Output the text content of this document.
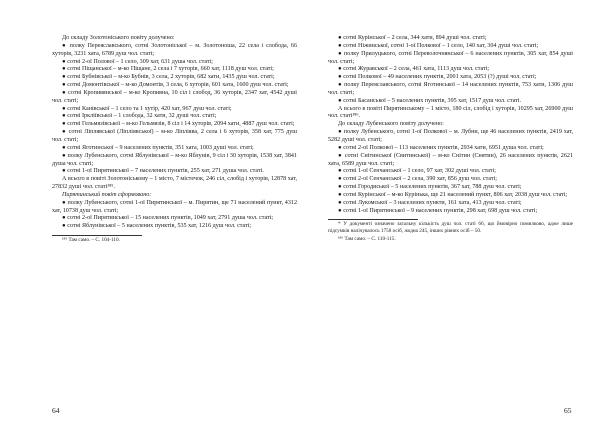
До складу Золотоніського повіту долучено:

● полку Переяславського, сотні Золотоніської – м. Золотоноша, 22 села і слобода, 66 хуторів, 3231 хата, 6789 душ чол. статі;

● сотні 2-ої Полової – 1 село, 309 хат, 631 душа чол. статі;

● сотні Піщанської – м-ко Піщане, 2 села і 7 хуторів, 660 хат, 1118 душ чол. статі;

● сотні Бубнівської – м-ко Бубнів, 3 села, 2 хуторів, 682 хати, 1435 душ чол. статі;

● сотні Домонтівської – м-ко Домонтів, 3 села, 6 хуторів, 601 хата, 1600 душ чол. статі;

● сотні Кропивянської – м-ко Кропивна, 10 сіл і слобод, 36 хуторів, 2347 хат, 4542 душі чол. статі;

● сотні Канівської – 1 село та 1 хутір, 420 хат, 967 душ чол. статі;

● сотні Іркліївської – 1 слобода, 32 хати, 32 душі чол. статі;

● сотні Гельмязівської – м-ко Гельмязів, 8 сіл і 14 хуторів, 2094 хати, 4887 душ чол. статі;

● сотні Ліплявської (Ліпліявської) – м-ко Ліпліява, 2 села і 6 хуторів, 358 хат, 775 душ чол. статі;

● сотні Яготинської – 9 населених пунктів, 351 хата, 1003 душі чол. статі;

● полку Лубенського, сотні Яблунівської – м-ко Яблунів, 9 сіл і 30 хуторів, 1538 хат, 3841 душа чол. статі;

● сотні 1-ої Пирятинської – 7 населених пунктів, 255 хат, 271 душа чол. статі.

А всього в повіті Золотоніському – 1 місто, 7 містечок, 246 сіл, слобід і хуторів, 12878 хат, 27832 душі чол. статі¹⁸⁵.

Пирятинський повіт сформовано:

● полку Лубенського, сотні 1-ої Пирятинської – м. Пирятин, ще 71 населений пункт, 4312 хат, 10738 душ чол. статі;

● сотні 2-ої Пирятинської – 15 населених пунктів, 1049 хат, 2791 душа чол. статі;

● сотні Яблунівської – 5 населених пунктів, 535 хат, 1216 душ чол. статі;

¹⁸⁵ Там само. – С. 104-110.

● сотні Курінської – 2 села, 344 хати, 894 душі чол. статі;

● сотні Ніжинської, сотні 1-ої Полкової – 1 село, 140 хат, 304 душі чол. статі;

● полку Прилуцького, сотні Переволочнянської – 6 населених пунктів, 305 хат, 854 душі чол. статі;

● сотні Журавської – 2 села, 461 хата, 1113 душ чол. статі;

● сотні Полкової – 49 населених пунктів, 2001 хата, 2053 (?) душі чол. статі;

● полку Переяславського, сотні Яготинської – 14 населених пунктів, 753 хати, 1306 душ чол. статі;

● сотні Басанської – 5 населених пунктів, 395 хат, 1517 душ чол. статі.

А всього в повіті Пирятинському – 1 місто, 180 сіл, слобід і хуторів, 10295 хат, 26900 душ чол. статі¹⁸⁶.

До складу Лубенського повіту долучено:

● полку Лубенського, сотні 1-ої Полкової – м. Лубни, ще 46 населених пунктів, 2419 хат, 5282 душі чол. статі;

● сотні 2-ої Полкової – 113 населених пунктів, 2934 хати, 6951 душа чол. статі;

● сотні Снітинської (Свитинської) – м-ко Снітин (Снятин), 26 населених пунктів, 2621 хата, 6589 душ чол. статі;

● сотні 1-ої Сенчанської – 1 село, 97 хат, 302 душі чол. статі;

● сотні 2-ої Сенчанської – 2 села, 390 хат, 856 душ чол. статі;

● сотні Городиської – 5 населених пунктів, 367 хат, 788 душ чол. статі;

● сотні Курінської – м-ко Курінька, ще 21 населений пункт, 806 хат, 2038 душ чол. статі;

● сотні Лукомської – 3 населених пункти, 161 хата, 413 душ чол. статі;

● сотні 1-ої Пирятинської – 9 населених пунктів, 298 хат, 698 душ чол. статі;

* У документі означено загальну кількість душ чол. статі 66, що ймовірно помилково, адже лише підсумків налічувалось 1758 осіб, жодна 245, інших рівних осіб – 50.

¹⁸⁶ Там само. – С. 110-115.

64	65
